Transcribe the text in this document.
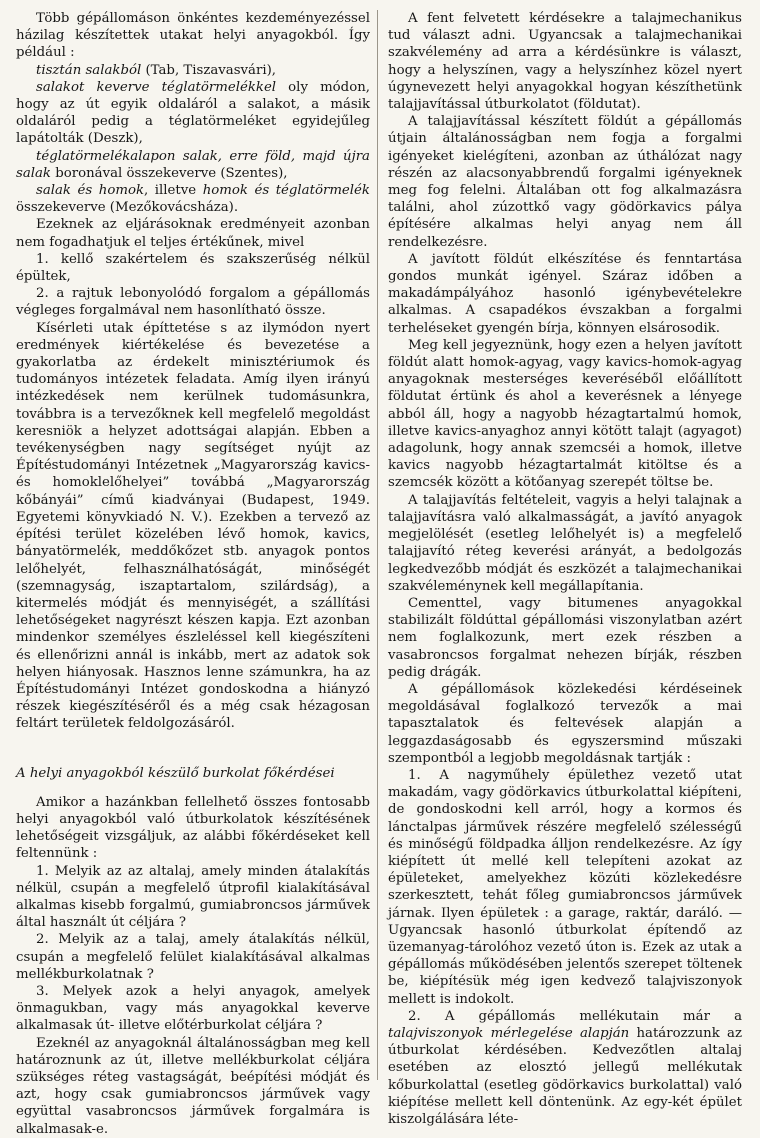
Több gépállomáson önkéntes kezdeményezéssel házilag készítettek utakat helyi anyagokból. Így például :

tisztán salakból (Tab, Tiszavasvári),

salakot keverve téglatörmelékkel oly módon, hogy az út egyik oldaláról a salakot, a másik oldaláról pedig a téglatörmeléket egyidejűleg lapátolták (Deszk),

téglatörmelékalapon salak, erre föld, majd újra salak boronával összekeverve (Szentes),

salak és homok, illetve homok és téglatörmelék összekeverve (Mezőkovácsháza).

Ezeknek az eljárásoknak eredményeit azonban nem fogadhatjuk el teljes értékűnek, mivel

1. kellő szakértelem és szakszerűség nélkül épültek,

2. a rajtuk lebonyolódó forgalom a gépállomás végleges forgalmával nem hasonlítható össze.

Kísérleti utak építtetése s az ilymódon nyert eredmények kiértékelése és bevezetése a gyakorlatba az érdekelt minisztériumok és tudományos intézetek feladata. Amíg ilyen irányú intézkedések nem kerülnek tudomásunkra, továbbra is a tervezőknek kell megfelelő megoldást keresniök a helyzet adottságai alapján. Ebben a tevékenységben nagy segítséget nyújt az Építéstudományi Intézetnek „Magyarország kavics- és homoklelőhelyei” továbbá „Magyarország kőbányái” című kiadványai (Budapest, 1949. Egyetemi könyvkiadó N. V.). Ezekben a tervező az építési terület közelében lévő homok, kavics, bányatörmelék, meddőkőzet stb. anyagok pontos lelőhelyét, felhasználhatóságát, minőségét (szemnagyság, iszaptartalom, szilárdság), a kitermelés módját és mennyiségét, a szállítási lehetőségeket nagyrészt készen kapja. Ezt azonban mindenkor személyes észleléssel kell kiegészíteni és ellenőrizni annál is inkább, mert az adatok sok helyen hiányosak. Hasznos lenne számunkra, ha az Építéstudományi Intézet gondoskodna a hiányzó részek kiegészítéséről és a még csak hézagosan feltárt területek feldolgozásáról.

A helyi anyagokból készülő burkolat főkérdései

Amikor a hazánkban fellelhető összes fontosabb helyi anyagokból való útburkolatok készítésének lehetőségeit vizsgáljuk, az alábbi főkérdéseket kell feltennünk :

1. Melyik az az altalaj, amely minden átalakítás nélkül, csupán a megfelelő útprofil kialakításával alkalmas kisebb forgalmú, gumiabroncsos járművek által használt út céljára ?

2. Melyik az a talaj, amely átalakítás nélkül, csupán a megfelelő felület kialakításával alkalmas mellékburkolatnak ?

3. Melyek azok a helyi anyagok, amelyek önmagukban, vagy más anyagokkal keverve alkalmasak út- illetve előtérburkolat céljára ?

Ezeknél az anyagoknál általánosságban meg kell határoznunk az út, illetve mellékburkolat céljára szükséges réteg vastagságát, beépítési módját és azt, hogy csak gumiabroncsos járművek vagy együttal vasabroncsos járművek forgalmára is alkalmasak-e.

A fent felvetett kérdésekre a talajmechanikus tud választ adni. Ugyancsak a talajmechanikai szakvélemény ad arra a kérdésünkre is választ, hogy a helyszínen, vagy a helyszínhez közel nyert úgynevezett helyi anyagokkal hogyan készíthetünk talajjavítással útburkolatot (földutat).

A talajjavítással készített földút a gépállomás útjain általánosságban nem fogja a forgalmi igényeket kielégíteni, azonban az úthálózat nagy részén az alacsonyabbrendű forgalmi igényeknek meg fog felelni. Általában ott fog alkalmazásra találni, ahol zúzottkő vagy gödörkavics pálya építésére alkalmas helyi anyag nem áll rendelkezésre.

A javított földút elkészítése és fenntartása gondos munkát igényel. Száraz időben a makadámpályához hasonló igénybevételekre alkalmas. A csapadékos évszakban a forgalmi terheléseket gyengén bírja, könnyen elsárosodik.

Meg kell jegyeznünk, hogy ezen a helyen javított földút alatt homok-agyag, vagy kavics-homok-agyag anyagoknak mesterséges keveréséből előállított földutat értünk és ahol a keverésnek a lényege abból áll, hogy a nagyobb hézagtartalmú homok, illetve kavics-anyaghoz annyi kötött talajt (agyagot) adagolunk, hogy annak szemcséi a homok, illetve kavics nagyobb hézagtartalmát kitöltse és a szemcsék között a kötőanyag szerepét töltse be.

A talajjavítás feltételeit, vagyis a helyi talajnak a talajjavításra való alkalmasságát, a javító anyagok megjelölését (esetleg lelőhelyét is) a megfelelő talajjavító réteg keverési arányát, a bedolgozás legkedvezőbb módját és eszközét a talajmechanikai szakvéleménynek kell megállapítania.

Cementtel, vagy bitumenes anyagokkal stabilizált földúttal gépállomási viszonylatban azért nem foglalkozunk, mert ezek részben a vasabroncsos forgalmat nehezen bírják, részben pedig drágák.

A gépállomások közlekedési kérdéseinek megoldásával foglalkozó tervezők a mai tapasztalatok és feltevések alapján a leggazdaságosabb és egyszersmind műszaki szempontból a legjobb megoldásnak tartják :

1. A nagyműhely épülethez vezető utat makadám, vagy gödörkavics útburkolattal kiépíteni, de gondoskodni kell arról, hogy a kormos és lánctalpas járművek részére megfelelő szélességű és minőségű földpadka álljon rendelkezésre. Az így kiépített út mellé kell telepíteni azokat az épületeket, amelyekhez közúti közlekedésre szerkesztett, tehát főleg gumiabroncsos járművek járnak. Ilyen épületek : a garage, raktár, daráló. — Ugyancsak hasonló útburkolat építendő az üzemanyag-tárolóhoz vezető úton is. Ezek az utak a gépállomás működésében jelentős szerepet töltenek be, kiépítésük még igen kedvező talajviszonyok mellett is indokolt.

2. A gépállomás mellékutain már a talajviszonyok mérlegelése alapján határozzunk az útburkolat kérdésében. Kedvezőtlen altalaj esetében az elosztó jellegű mellékutak kőburkolattal (esetleg gödörkavics burkolattal) való kiépítése mellett kell döntenünk. Az egy-két épület kiszolgálására léte-
